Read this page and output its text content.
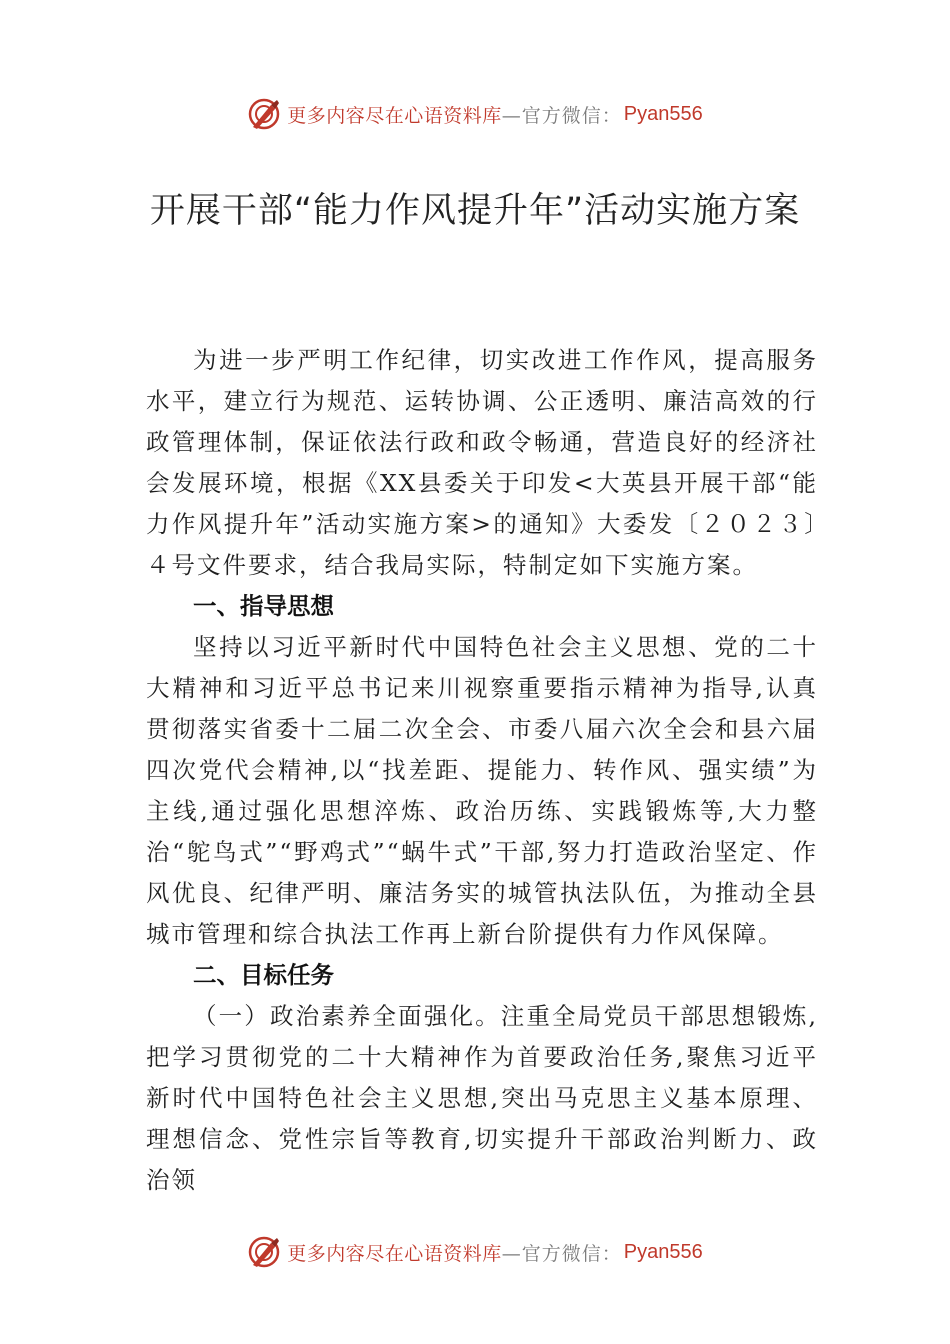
更多内容尽在心语资料库 —官方微信： Pyan556
开展干部“能力作风提升年”活动实施方案

为进一步严明工作纪律，切实改进工作作风，提高服务水平，建立行为规范、运转协调、公正透明、廉洁高效的行政管理体制，保证依法行政和政令畅通，营造良好的经济社会发展环境，根据《XX县委关于印发<大英县开展干部“能力作风提升年”活动实施方案>的通知》大委发〔２０２３〕４号文件要求，结合我局实际，特制定如下实施方案。

一、指导思想

坚持以习近平新时代中国特色社会主义思想、党的二十大精神和习近平总书记来川视察重要指示精神为指导,认真贯彻落实省委十二届二次全会、市委八届六次全会和县六届四次党代会精神,以“找差距、提能力、转作风、强实绩”为主线,通过强化思想淬炼、政治历练、实践锻炼等,大力整治“鸵鸟式”“野鸡式”“蜗牛式”干部,努力打造政治坚定、作风优良、纪律严明、廉洁务实的城管执法队伍，为推动全县城市管理和综合执法工作再上新台阶提供有力作风保障。

二、目标任务

（一）政治素养全面强化。注重全局党员干部思想锻炼,把学习贯彻党的二十大精神作为首要政治任务,聚焦习近平新时代中国特色社会主义思想,突出马克思主义基本原理、理想信念、党性宗旨等教育,切实提升干部政治判断力、政治领

更多内容尽在心语资料库 —官方微信： Pyan556
